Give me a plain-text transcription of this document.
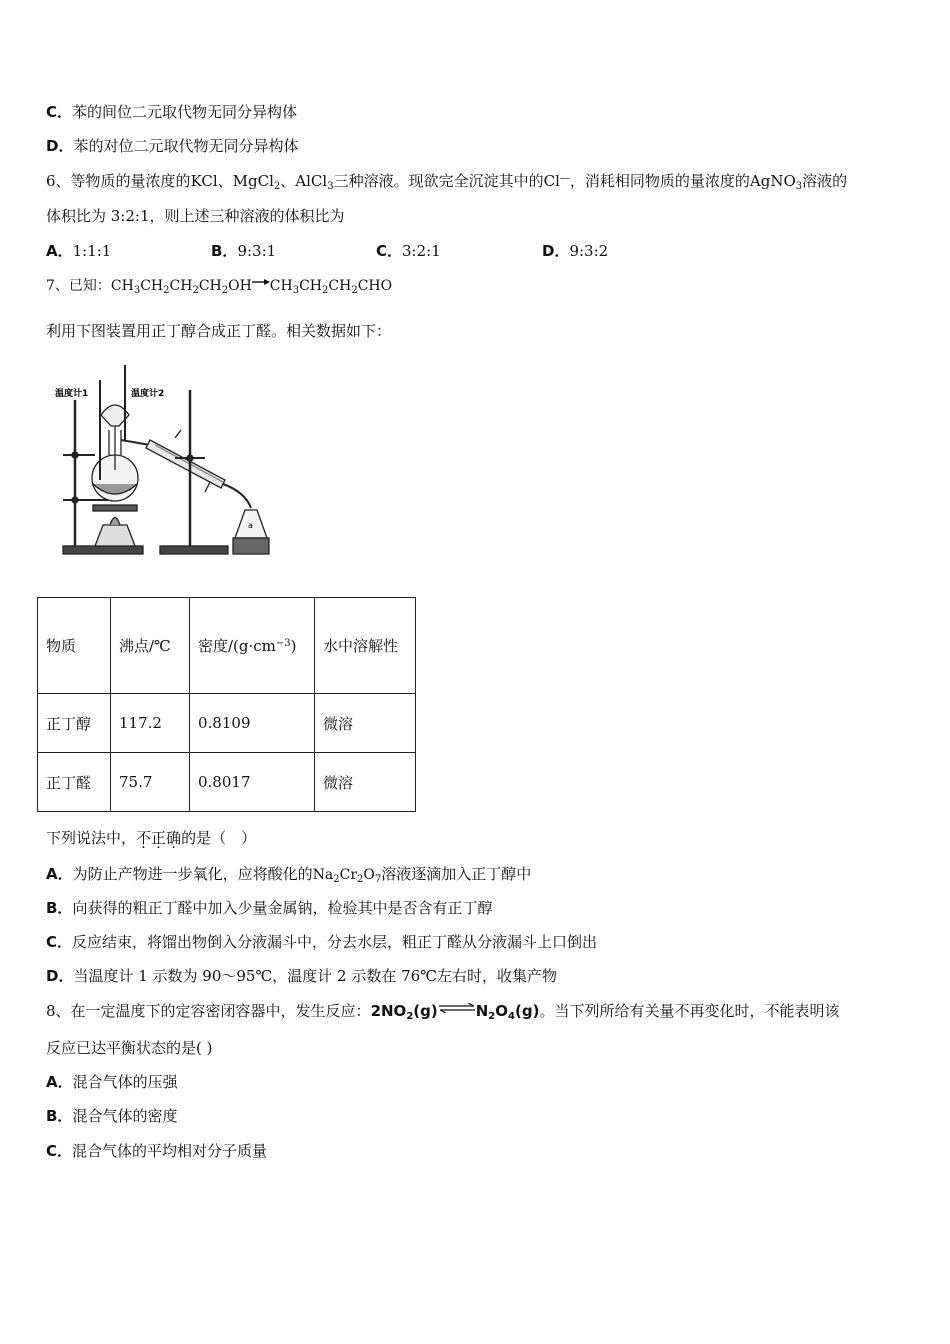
C．苯的间位二元取代物无同分异构体
D．苯的对位二元取代物无同分异构体
6、等物质的量浓度的KCl、MgCl$_2$、AlCl$_3$三种溶液。现欲完全沉淀其中的Cl—，消耗相同物质的量浓度的AgNO$_3$溶液的
体积比为 3:2:1，则上述三种溶液的体积比为
A．1:1:1	B．9:3:1	C．3:2:1	D．9:3:2
7、已知：$CH_3CH_2CH_2CH_2OH\to CH_3CH_2CH_2CHO$
利用下图装置用正丁醇合成正丁醛。相关数据如下：
温度计1	温度计2
a
物质	沸点/℃	密度$/(g\cdot cm^{-3})$	水中溶解性
正丁醇	117.2	0.8109	微溶
正丁醛	75.7	0.8017	微溶
下列说法中，不正确的是（　）
A．为防止产物进一步氧化，应将酸化的$Na_2Cr_2O_7$溶液逐滴加入正丁醇中
B．向获得的粗正丁醛中加入少量金属钠，检验其中是否含有正丁醇
C．反应结束，将馏出物倒入分液漏斗中，分去水层，粗正丁醛从分液漏斗上口倒出
D．当温度计 1 示数为 90～95℃，温度计 2 示数在 76℃左右时，收集产物
8、在一定温度下的定容密闭容器中，发生反应：$2NO_2(g)\rightleftharpoons N_2O_4(g)$。当下列所给有关量不再变化时，不能表明该
反应已达平衡状态的是( )
A．混合气体的压强
B．混合气体的密度
C．混合气体的平均相对分子质量
